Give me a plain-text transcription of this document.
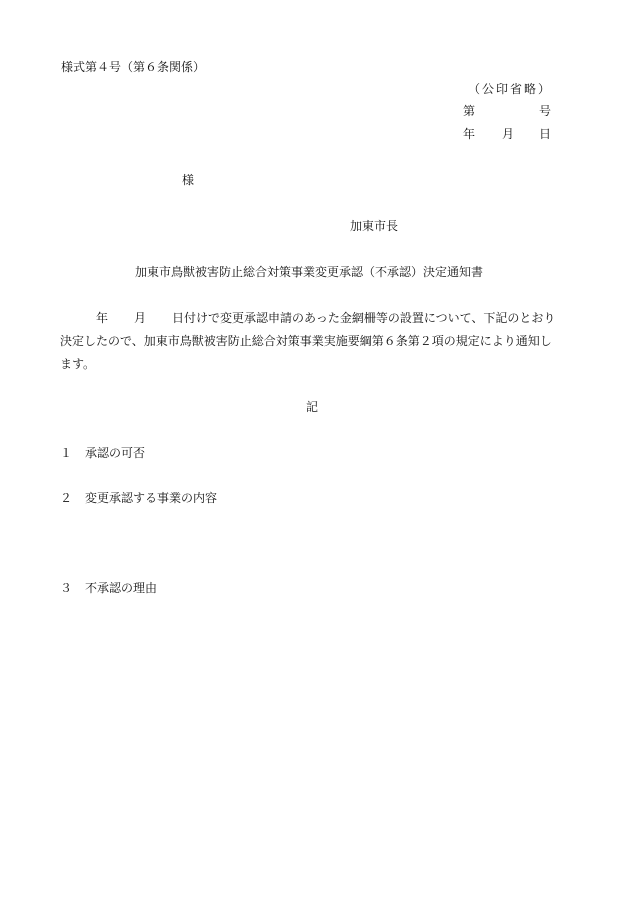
様式第４号（第６条関係）
（公印省略）
第	号
年 月 日
様
加東市長
加東市鳥獣被害防止総合対策事業変更承認（不承認）決定通知書
年 月 日付けで変更承認申請のあった金網柵等の設置について、下記のとおり
決定したので、加東市鳥獣被害防止総合対策事業実施要綱第６条第２項の規定により通知し
ます。
記
１ 承認の可否
２ 変更承認する事業の内容
３ 不承認の理由
